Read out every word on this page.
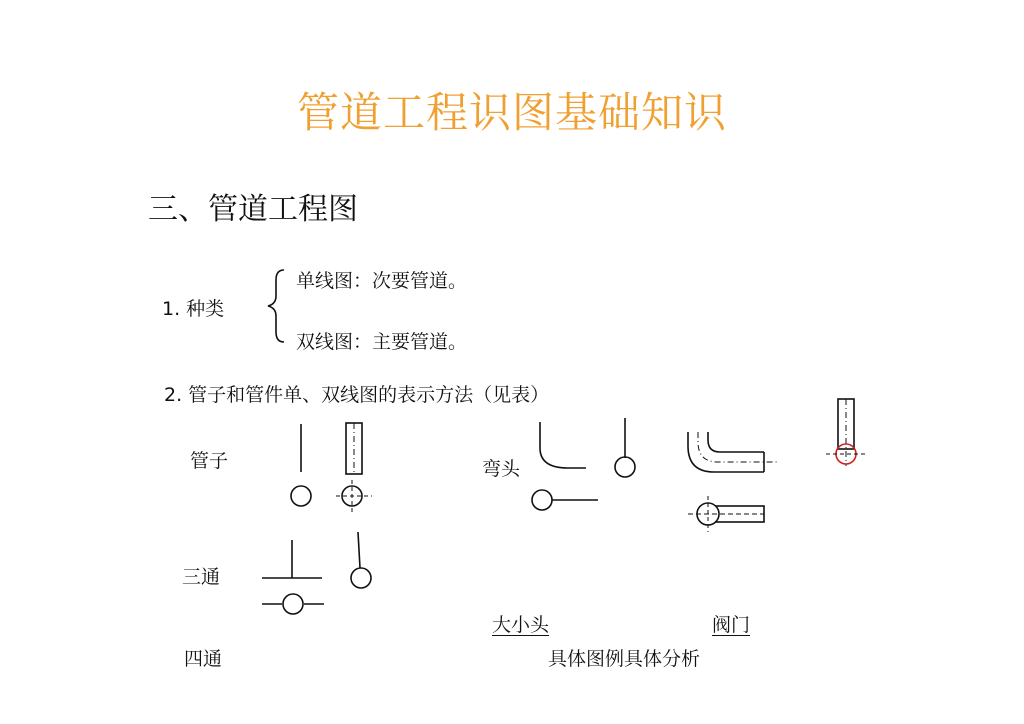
管道工程识图基础知识
三、管道工程图
1. 种类
单线图：次要管道。
双线图：主要管道。
2. 管子和管件单、双线图的表示方法（见表）
管子	弯头
三通
四通
大小头	阀门
具体图例具体分析
